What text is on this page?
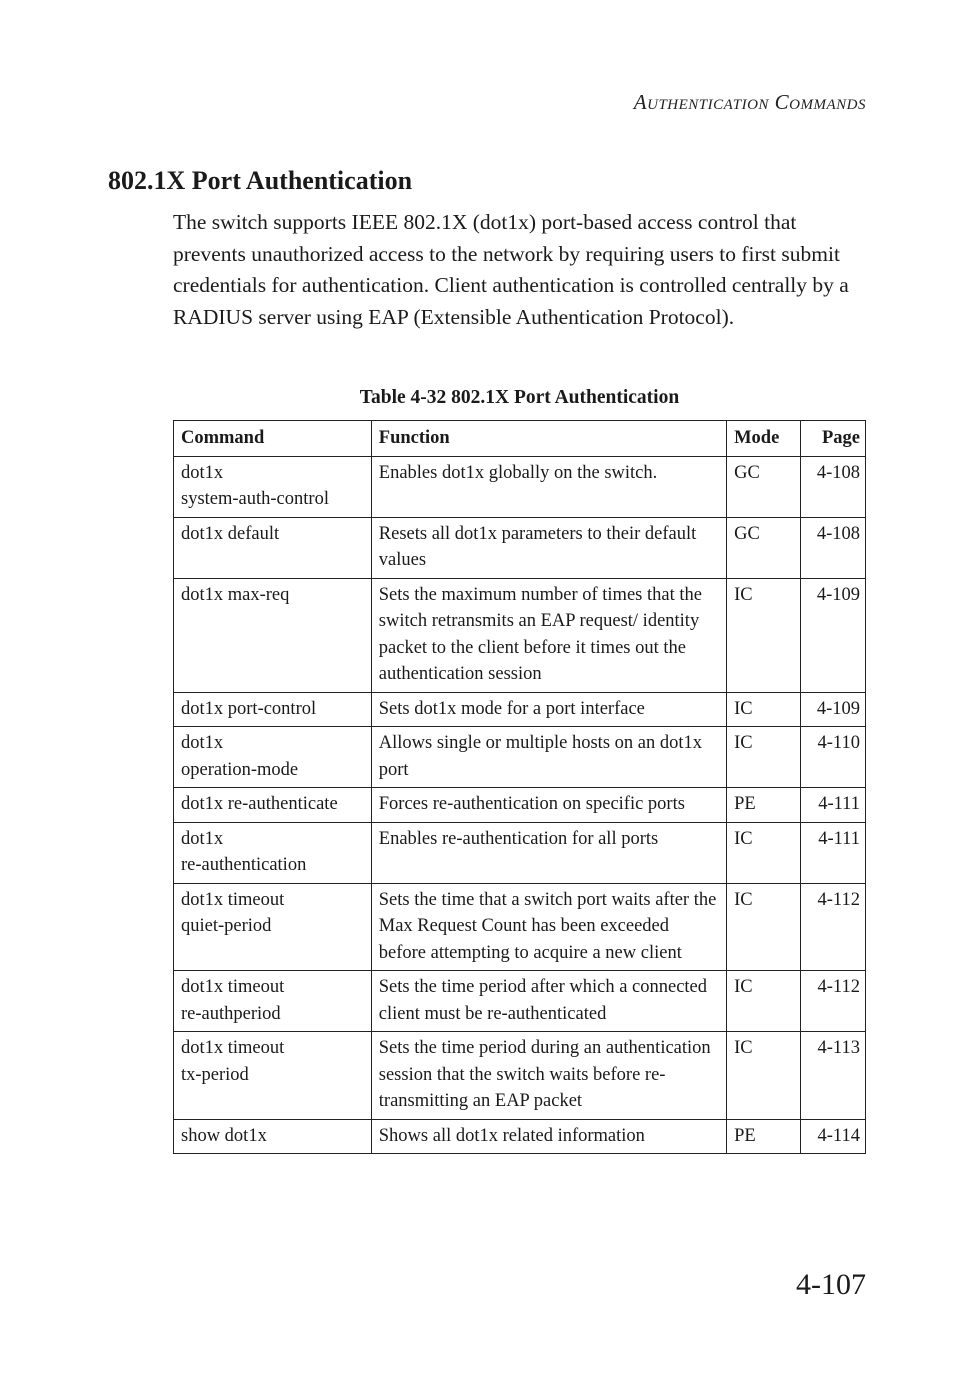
Authentication Commands
802.1X Port Authentication

The switch supports IEEE 802.1X (dot1x) port-based access control that prevents unauthorized access to the network by requiring users to first submit credentials for authentication. Client authentication is controlled centrally by a RADIUS server using EAP (Extensible Authentication Protocol).

Table 4-32 802.1X Port Authentication
Command	Function	Mode	Page
dot1x
system-auth-control	Enables dot1x globally on the switch.	GC	4-108
dot1x default	Resets all dot1x parameters to their default values	GC	4-108
dot1x max-req	Sets the maximum number of times that the switch retransmits an EAP request/ identity packet to the client before it times out the authentication session	IC	4-109
dot1x port-control	Sets dot1x mode for a port interface	IC	4-109
dot1x
operation-mode	Allows single or multiple hosts on an dot1x port	IC	4-110
dot1x re-authenticate	Forces re-authentication on specific ports	PE	4-111
dot1x
re-authentication	Enables re-authentication for all ports	IC	4-111
dot1x timeout
quiet-period	Sets the time that a switch port waits after the Max Request Count has been exceeded before attempting to acquire a new client	IC	4-112
dot1x timeout
re-authperiod	Sets the time period after which a connected client must be re-authenticated	IC	4-112
dot1x timeout
tx-period	Sets the time period during an authentication session that the switch waits before re-transmitting an EAP packet	IC	4-113
show dot1x	Shows all dot1x related information	PE	4-114
4-107
